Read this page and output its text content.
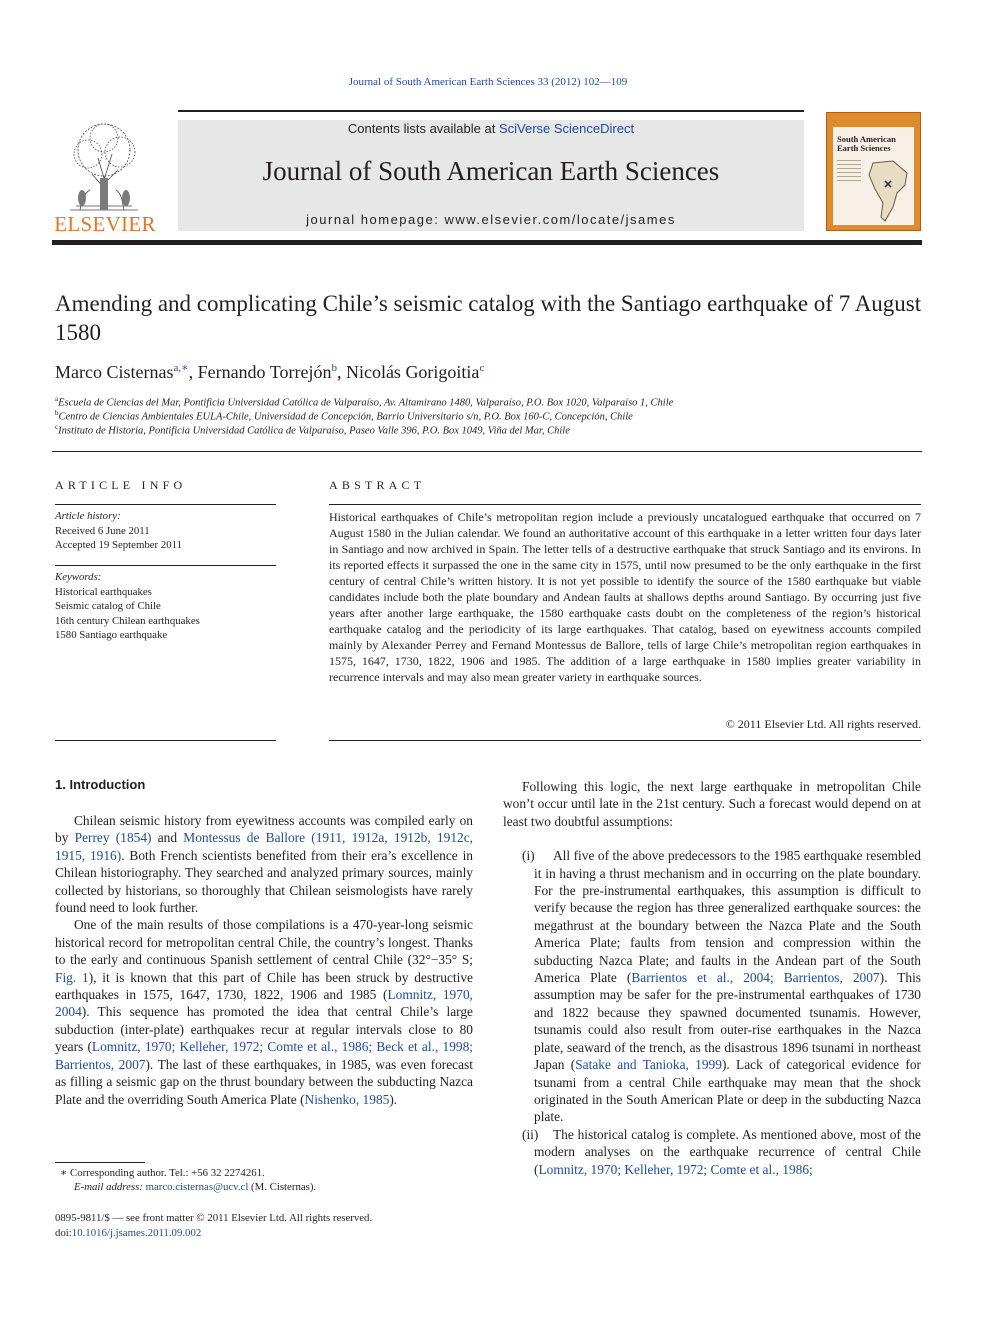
Journal of South American Earth Sciences 33 (2012) 102—109
ELSEVIER
Contents lists available at SciVerse ScienceDirect
Journal of South American Earth Sciences
journal homepage: www.elsevier.com/locate/jsames
South American Earth Sciences
Amending and complicating Chile’s seismic catalog with the Santiago earthquake of 7 August 1580
Marco Cisternas$^{a,∗}$, Fernando Torrejón$^b$, Nicolás Gorigoitia$^c$
$^a$Escuela de Ciencias del Mar, Pontificia Universidad Católica de Valparaíso, Av. Altamirano 1480, Valparaíso, P.O. Box 1020, Valparaíso 1, Chile
$^b$Centro de Ciencias Ambientales EULA-Chile, Universidad de Concepción, Barrio Universitario s/n, P.O. Box 160-C, Concepción, Chile
$^c$Instituto de Historia, Pontificia Universidad Católica de Valparaíso, Paseo Valle 396, P.O. Box 1049, Viña del Mar, Chile
ARTICLE INFO
Article history:
Received 6 June 2011
Accepted 19 September 2011
Keywords:
Historical earthquakes
Seismic catalog of Chile
16th century Chilean earthquakes
1580 Santiago earthquake
ABSTRACT
Historical earthquakes of Chile’s metropolitan region include a previously uncatalogued earthquake that occurred on 7 August 1580 in the Julian calendar. We found an authoritative account of this earthquake in a letter written four days later in Santiago and now archived in Spain. The letter tells of a destructive earthquake that struck Santiago and its environs. In its reported effects it surpassed the one in the same city in 1575, until now presumed to be the only earthquake in the first century of central Chile’s written history. It is not yet possible to identify the source of the 1580 earthquake but viable candidates include both the plate boundary and Andean faults at shallows depths around Santiago. By occurring just five years after another large earthquake, the 1580 earthquake casts doubt on the completeness of the region’s historical earthquake catalog and the periodicity of its large earthquakes. That catalog, based on eyewitness accounts compiled mainly by Alexander Perrey and Fernand Montessus de Ballore, tells of large Chile’s metropolitan region earthquakes in 1575, 1647, 1730, 1822, 1906 and 1985. The addition of a large earthquake in 1580 implies greater variability in recurrence intervals and may also mean greater variety in earthquake sources.
© 2011 Elsevier Ltd. All rights reserved.
1. Introduction

Chilean seismic history from eyewitness accounts was compiled early on by Perrey (1854) and Montessus de Ballore (1911, 1912a, 1912b, 1912c, 1915, 1916). Both French scientists benefited from their era’s excellence in Chilean historiography. They searched and analyzed primary sources, mainly collected by historians, so thoroughly that Chilean seismologists have rarely found need to look further.

One of the main results of those compilations is a 470-year-long seismic historical record for metropolitan central Chile, the country’s longest. Thanks to the early and continuous Spanish settlement of central Chile (32°−35° S; Fig. 1), it is known that this part of Chile has been struck by destructive earthquakes in 1575, 1647, 1730, 1822, 1906 and 1985 (Lomnitz, 1970, 2004). This sequence has promoted the idea that central Chile’s large subduction (inter-plate) earthquakes recur at regular intervals close to 80 years (Lomnitz, 1970; Kelleher, 1972; Comte et al., 1986; Beck et al., 1998; Barrientos, 2007). The last of these earthquakes, in 1985, was even forecast as filling a seismic gap on the thrust boundary between the subducting Nazca Plate and the overriding South America Plate (Nishenko, 1985).

Following this logic, the next large earthquake in metropolitan Chile won’t occur until late in the 21st century. Such a forecast would depend on at least two doubtful assumptions:

(i) All five of the above predecessors to the 1985 earthquake resembled it in having a thrust mechanism and in occurring on the plate boundary. For the pre-instrumental earthquakes, this assumption is difficult to verify because the region has three generalized earthquake sources: the megathrust at the boundary between the Nazca Plate and the South America Plate; faults from tension and compression within the subducting Nazca Plate; and faults in the Andean part of the South America Plate (Barrientos et al., 2004; Barrientos, 2007). This assumption may be safer for the pre-instrumental earthquakes of 1730 and 1822 because they spawned documented tsunamis. However, tsunamis could also result from outer-rise earthquakes in the Nazca plate, seaward of the trench, as the disastrous 1896 tsunami in northeast Japan (Satake and Tanioka, 1999). Lack of categorical evidence for tsunami from a central Chile earthquake may mean that the shock originated in the South American Plate or deep in the subducting Nazca plate.

(ii) The historical catalog is complete. As mentioned above, most of the modern analyses on the earthquake recurrence of central Chile (Lomnitz, 1970; Kelleher, 1972; Comte et al., 1986;

∗ Corresponding author. Tel.: +56 32 2274261.
E-mail address: marco.cisternas@ucv.cl (M. Cisternas).
0895-9811/$ — see front matter © 2011 Elsevier Ltd. All rights reserved.
doi:10.1016/j.jsames.2011.09.002
